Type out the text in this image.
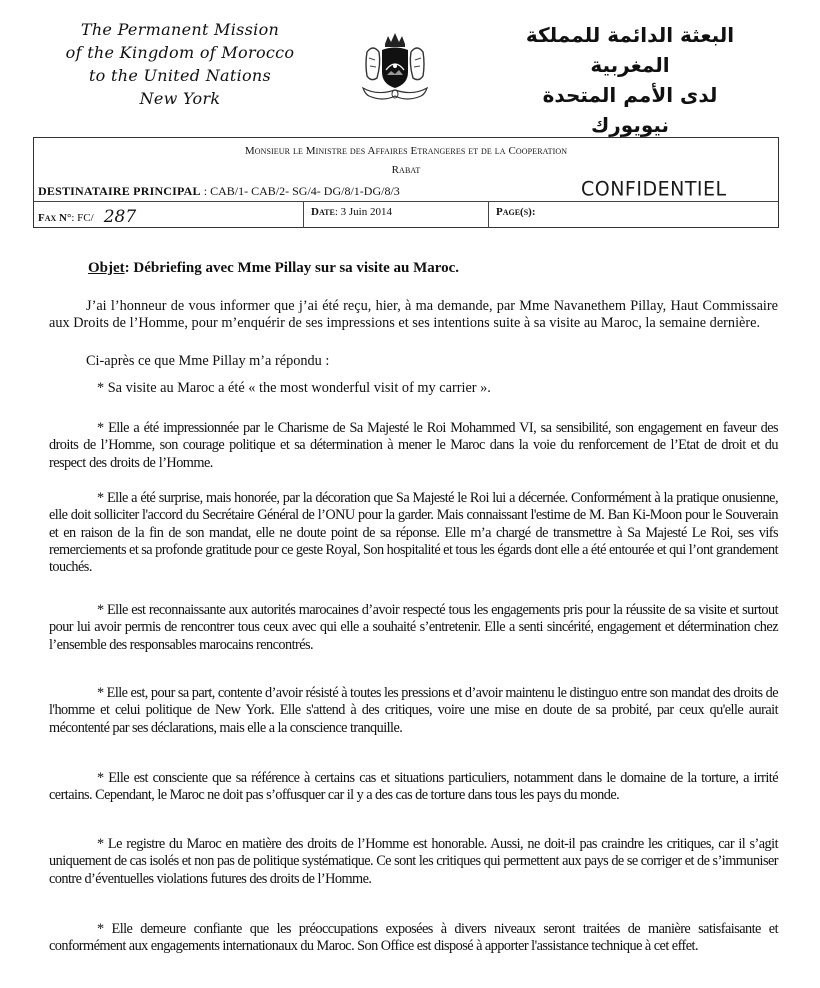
The Permanent Mission
of the Kingdom of Morocco
to the United Nations
New York
البعثة الدائمة للمملكة المغربية
لدى الأمم المتحدة
نيويورك
Monsieur le Ministre des Affaires Etrangeres et de la Cooperation
Rabat
DESTINATAIRE PRINCIPAL : CAB/1- CAB/2- SG/4- DG/8/1-DG/8/3	CONFIDENTIEL
Fax N°: FC/ 287	Date: 3 Juin 2014	Page(s):
Objet: Débriefing avec Mme Pillay sur sa visite au Maroc.

J’ai l’honneur de vous informer que j’ai été reçu, hier, à ma demande, par Mme Navanethem Pillay, Haut Commissaire aux Droits de l’Homme, pour m’enquérir de ses impressions et ses intentions suite à sa visite au Maroc, la semaine dernière.

Ci-après ce que Mme Pillay m’a répondu :

* Sa visite au Maroc a été « the most wonderful visit of my carrier ».

* Elle a été impressionnée par le Charisme de Sa Majesté le Roi Mohammed VI, sa sensibilité, son engagement en faveur des droits de l’Homme, son courage politique et sa détermination à mener le Maroc dans la voie du renforcement de l’Etat de droit et du respect des droits de l’Homme.

* Elle a été surprise, mais honorée, par la décoration que Sa Majesté le Roi lui a décernée. Conformément à la pratique onusienne, elle doit solliciter l'accord du Secrétaire Général de l’ONU pour la garder. Mais connaissant l'estime de M. Ban Ki-Moon pour le Souverain et en raison de la fin de son mandat, elle ne doute point de sa réponse. Elle m’a chargé de transmettre à Sa Majesté Le Roi, ses vifs remerciements et sa profonde gratitude pour ce geste Royal, Son hospitalité et tous les égards dont elle a été entourée et qui l’ont grandement touchés.

* Elle est reconnaissante aux autorités marocaines d’avoir respecté tous les engagements pris pour la réussite de sa visite et surtout pour lui avoir permis de rencontrer tous ceux avec qui elle a souhaité s’entretenir. Elle a senti sincérité, engagement et détermination chez l’ensemble des responsables marocains rencontrés.

* Elle est, pour sa part, contente d’avoir résisté à toutes les pressions et d’avoir maintenu le distinguo entre son mandat des droits de l'homme et celui politique de New York. Elle s'attend à des critiques, voire une mise en doute de sa probité, par ceux qu'elle aurait mécontenté par ses déclarations, mais elle a la conscience tranquille.

* Elle est consciente que sa référence à certains cas et situations particuliers, notamment dans le domaine de la torture, a irrité certains. Cependant, le Maroc ne doit pas s’offusquer car il y a des cas de torture dans tous les pays du monde.

* Le registre du Maroc en matière des droits de l’Homme est honorable. Aussi, ne doit-il pas craindre les critiques, car il s’agit uniquement de cas isolés et non pas de politique systématique. Ce sont les critiques qui permettent aux pays de se corriger et de s’immuniser contre d’éventuelles violations futures des droits de l’Homme.

* Elle demeure confiante que les préoccupations exposées à divers niveaux seront traitées de manière satisfaisante et conformément aux engagements internationaux du Maroc. Son Office est disposé à apporter l'assistance technique à cet effet.
